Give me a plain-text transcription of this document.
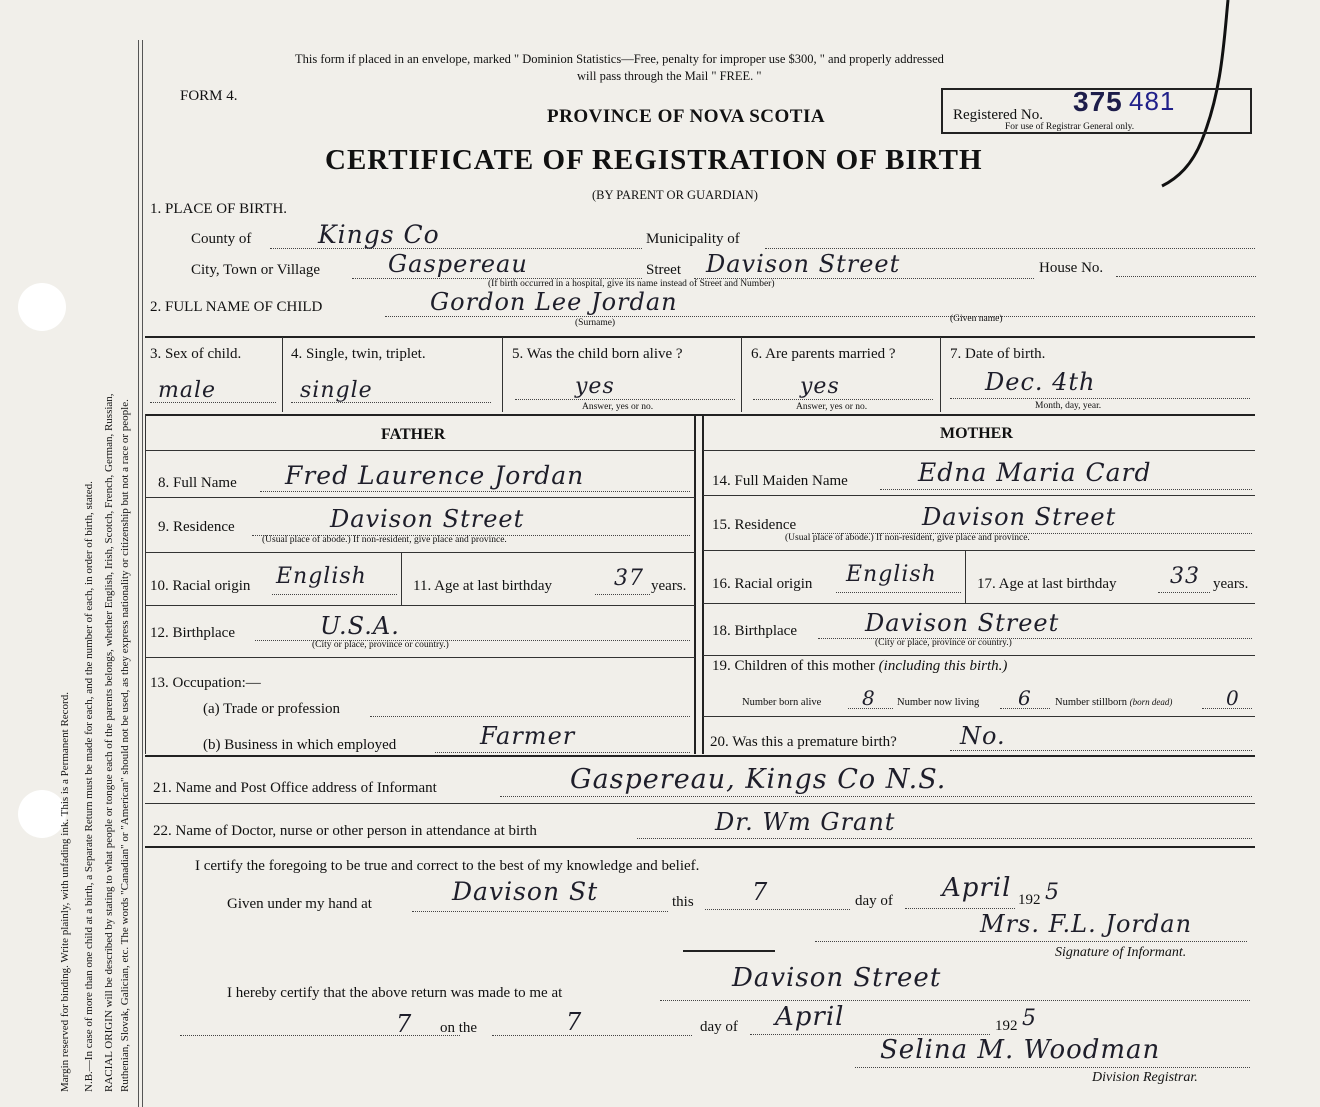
Margin reserved for binding. Write plainly, with unfading ink. This is a Permanent Record. N.B.—In case of more than one child at a birth, a Separate Return must be made for each, and the number of each, in order of birth, stated. RACIAL ORIGIN will be described by stating to what people or tongue each of the parents belongs, whether English, Irish, Scotch, French, German, Russian, Ruthenian, Slovak, Galician, etc. The words "Canadian" or "American" should not be used, as they express nationality or citizenship but not a race or people.
This form if placed in an envelope, marked " Dominion Statistics—Free, penalty for improper use $300, " and properly addressed
will pass through the Mail " FREE. "
FORM 4.
PROVINCE OF NOVA SCOTIA
CERTIFICATE OF REGISTRATION OF BIRTH
(BY PARENT OR GUARDIAN)
Registered No. 375 481
For use of Registrar General only.
1. PLACE OF BIRTH.
County of	Kings Co	Municipality of
City, Town or Village	Gaspereau	Street Davison Street	House No.
(If birth occurred in a hospital, give its name instead of Street and Number)
2. FULL NAME OF CHILD	Gordon Lee Jordan
(Surname)	(Given name)
3. Sex of child.
male
4. Single, twin, triplet.
single
5. Was the child born alive ?
yes
Answer, yes or no.
6. Are parents married ?
yes
Answer, yes or no.
7. Date of birth.
Dec. 4th
Month, day, year.
FATHER	MOTHER
8. Full Name Fred Laurence Jordan
9. Residence	Davison Street
(Usual place of abode.) If non-resident, give place and province.
10. Racial origin English	11. Age at last birthday	37 years.
12. Birthplace	U.S.A.
(City or place, province or country.)
13. Occupation:—
(a) Trade or profession
(b) Business in which employed	Farmer
14. Full Maiden Name	Edna Maria Card
15. Residence	Davison Street
(Usual place of abode.) If non-resident, give place and province.
16. Racial origin English	17. Age at last birthday 33 years.
18. Birthplace	Davison Street
(City or place, province or country.)
19. Children of this mother (including this birth.)
Number born alive 8 Number now living 6 Number stillborn (born dead)	0
20. Was this a premature birth?	No.
21. Name and Post Office address of Informant	Gaspereau, Kings Co N.S.
22. Name of Doctor, nurse or other person in attendance at birth	Dr. Wm Grant
I certify the foregoing to be true and correct to the best of my knowledge and belief.
Given under my hand at	Davison St	this 7	day of April 192 5
Mrs. F.L. Jordan
Signature of Informant.
I hereby certify that the above return was made to me at	Davison Street
7 on the	7	day of April	192 5
Selina M. Woodman
Division Registrar.
